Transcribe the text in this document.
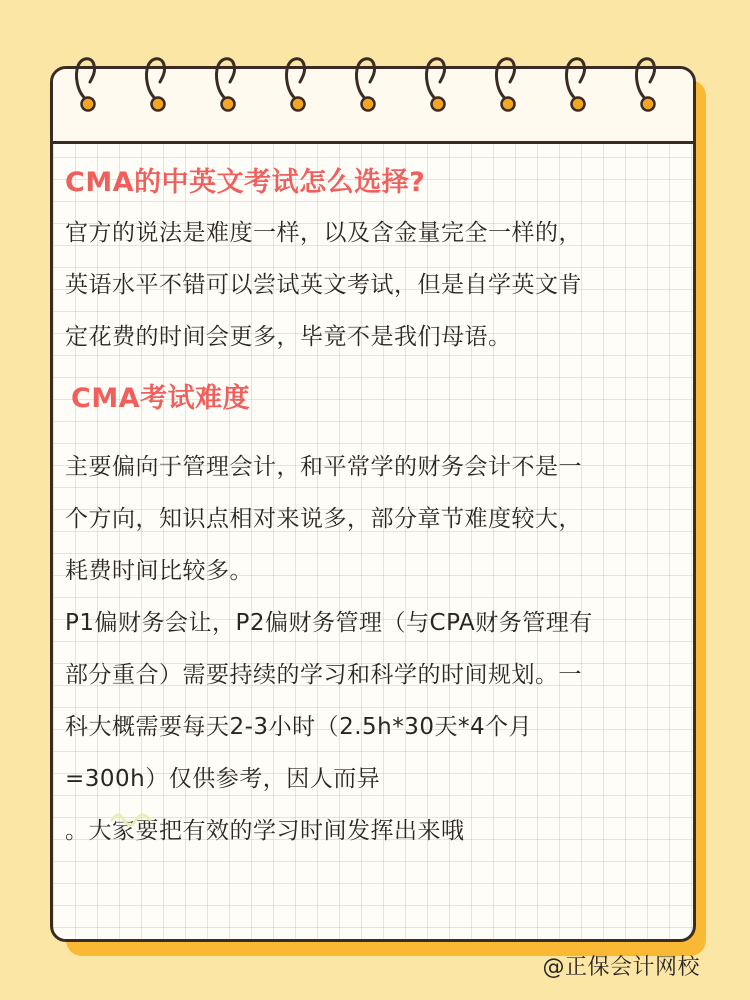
CMA的中英文考试怎么选择?

官方的说法是难度一样，以及含金量完全一样的，

英语水平不错可以尝试英文考试，但是自学英文肯

定花费的时间会更多，毕竟不是我们母语。

CMA考试难度

主要偏向于管理会计，和平常学的财务会计不是一

个方向，知识点相对来说多，部分章节难度较大，

耗费时间比较多。

P1偏财务会让，P2偏财务管理（与CPA财务管理有

部分重合）需要持续的学习和科学的时间规划。一

科大概需要每天2-3小时（2.5h*30天*4个月

=300h）仅供参考，因人而异

。大家要把有效的学习时间发挥出来哦

@正保会计网校
